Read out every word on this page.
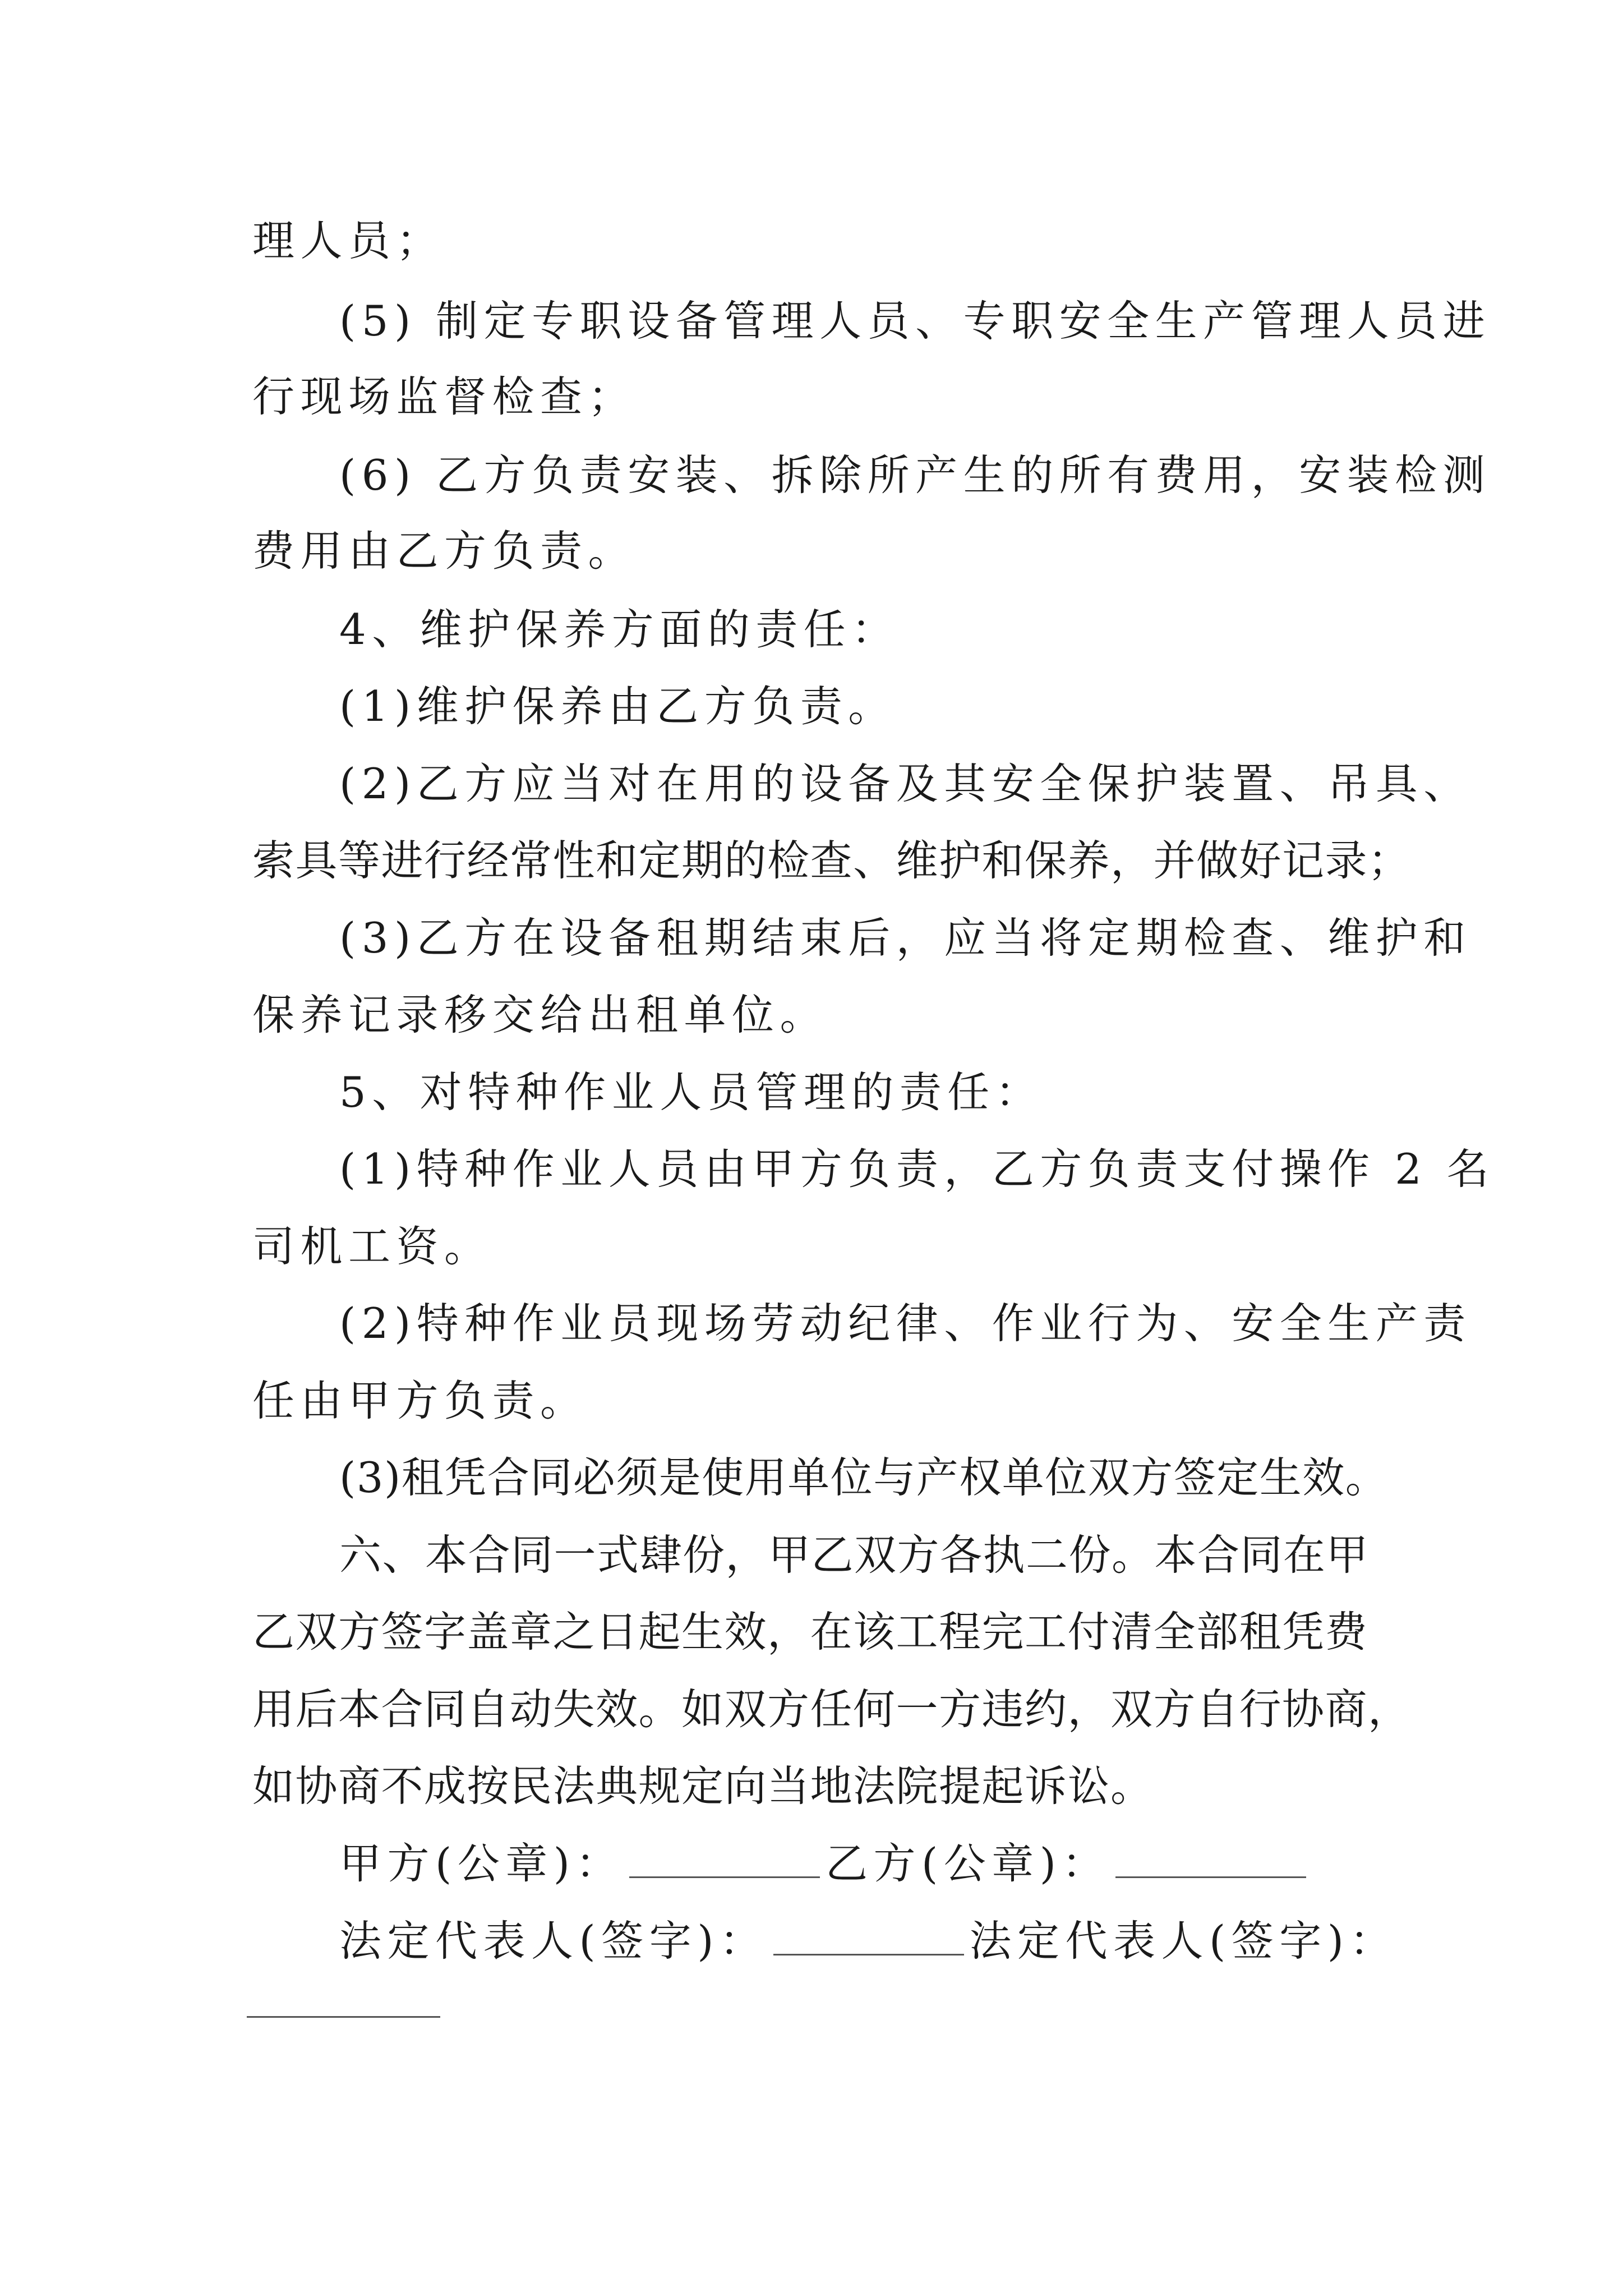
理人员；
(5) 制定专职设备管理人员、专职安全生产管理人员进
行现场监督检查；
(6) 乙方负责安装、拆除所产生的所有费用，安装检测
费用由乙方负责。
4、维护保养方面的责任：
(1)维护保养由乙方负责。
(2)乙方应当对在用的设备及其安全保护装置、吊具、
索具等进行经常性和定期的检查、维护和保养，并做好记录；
(3)乙方在设备租期结束后，应当将定期检查、维护和
保养记录移交给出租单位。
5、对特种作业人员管理的责任：
(1)特种作业人员由甲方负责，乙方负责支付操作 2 名
司机工资。
(2)特种作业员现场劳动纪律、作业行为、安全生产责
任由甲方负责。
(3)租凭合同必须是使用单位与产权单位双方签定生效。
六、本合同一式肆份，甲乙双方各执二份。本合同在甲
乙双方签字盖章之日起生效，在该工程完工付清全部租凭费
用后本合同自动失效。如双方任何一方违约，双方自行协商，
如协商不成按民法典规定向当地法院提起诉讼。
甲方(公章)：	乙方(公章)：
法定代表人(签字)：	法定代表人(签字)：
